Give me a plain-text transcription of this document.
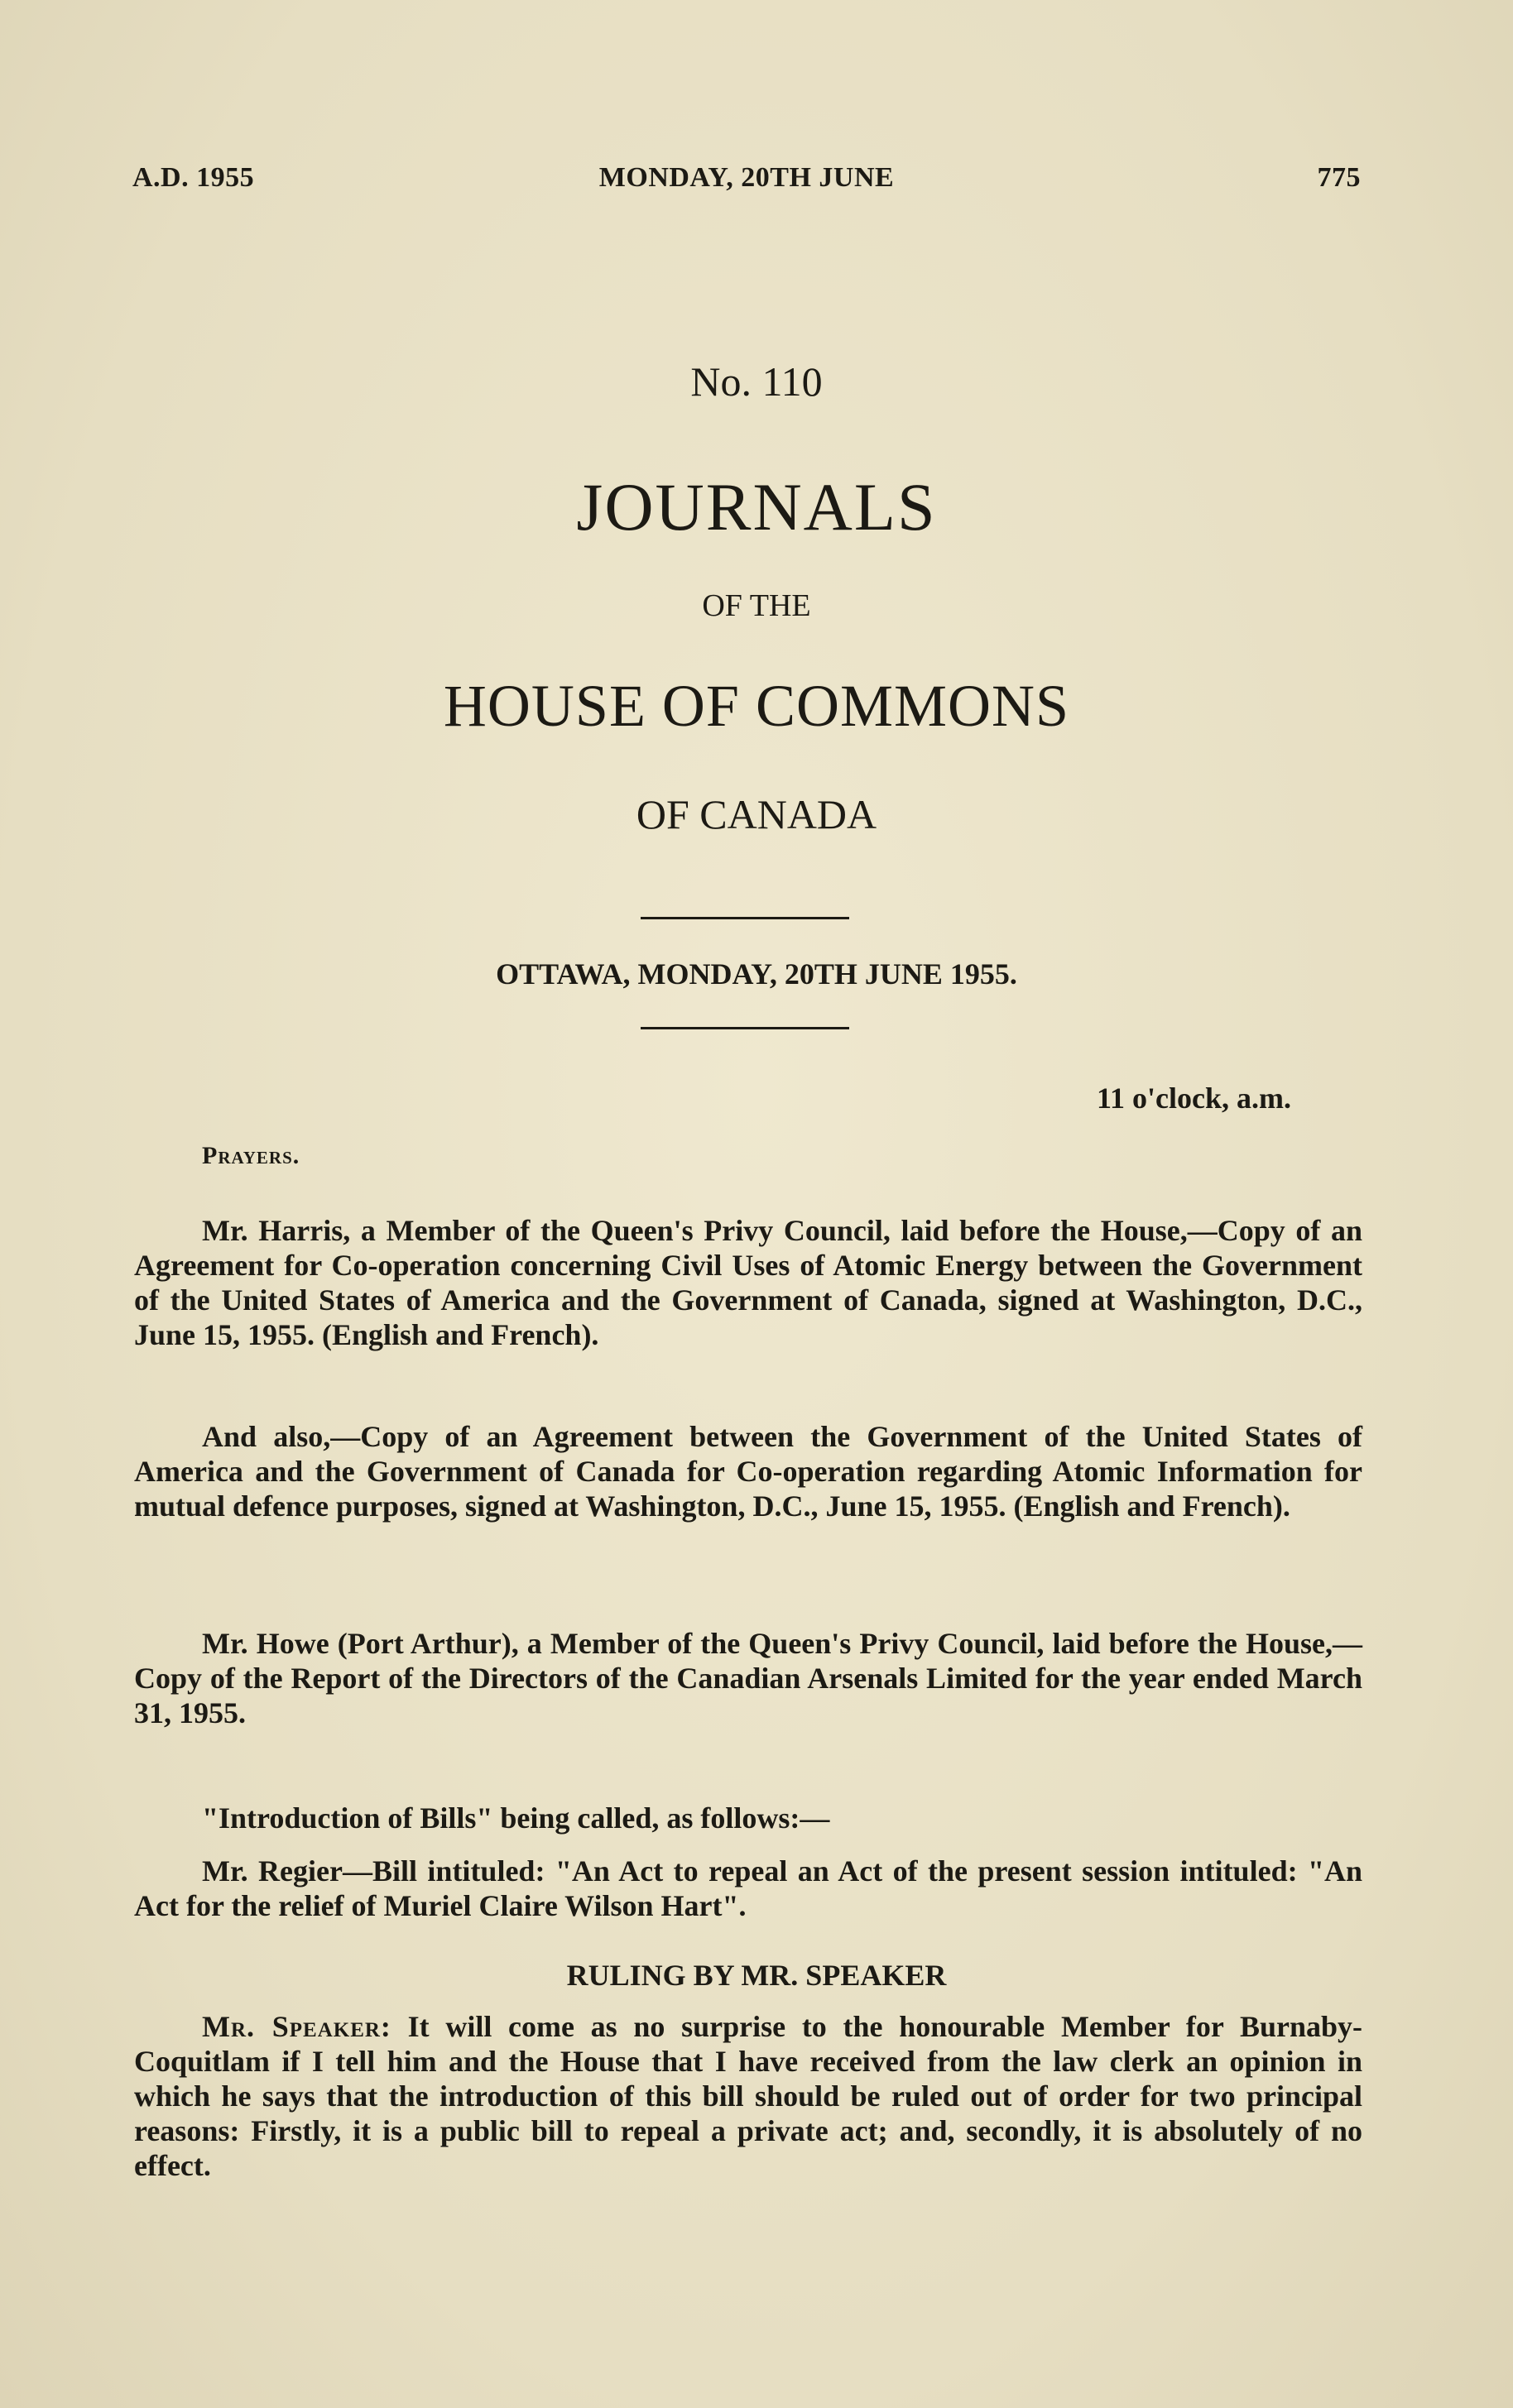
A.D. 1955	MONDAY, 20TH JUNE	775
No. 110
JOURNALS
OF THE
HOUSE OF COMMONS
OF CANADA
OTTAWA, MONDAY, 20TH JUNE 1955.
11 o'clock, a.m.
Prayers.

Mr. Harris, a Member of the Queen's Privy Council, laid before the House,—Copy of an Agreement for Co-operation concerning Civil Uses of Atomic Energy between the Government of the United States of America and the Government of Canada, signed at Washington, D.C., June 15, 1955. (English and French).

And also,—Copy of an Agreement between the Government of the United States of America and the Government of Canada for Co-operation regarding Atomic Information for mutual defence purposes, signed at Washington, D.C., June 15, 1955. (English and French).

Mr. Howe (Port Arthur), a Member of the Queen's Privy Council, laid before the House,—Copy of the Report of the Directors of the Canadian Arsenals Limited for the year ended March 31, 1955.

"Introduction of Bills" being called, as follows:—

Mr. Regier—Bill intituled: "An Act to repeal an Act of the present session intituled: "An Act for the relief of Muriel Claire Wilson Hart".

RULING BY MR. SPEAKER

Mr. Speaker: It will come as no surprise to the honourable Member for Burnaby-Coquitlam if I tell him and the House that I have received from the law clerk an opinion in which he says that the introduction of this bill should be ruled out of order for two principal reasons: Firstly, it is a public bill to repeal a private act; and, secondly, it is absolutely of no effect.
